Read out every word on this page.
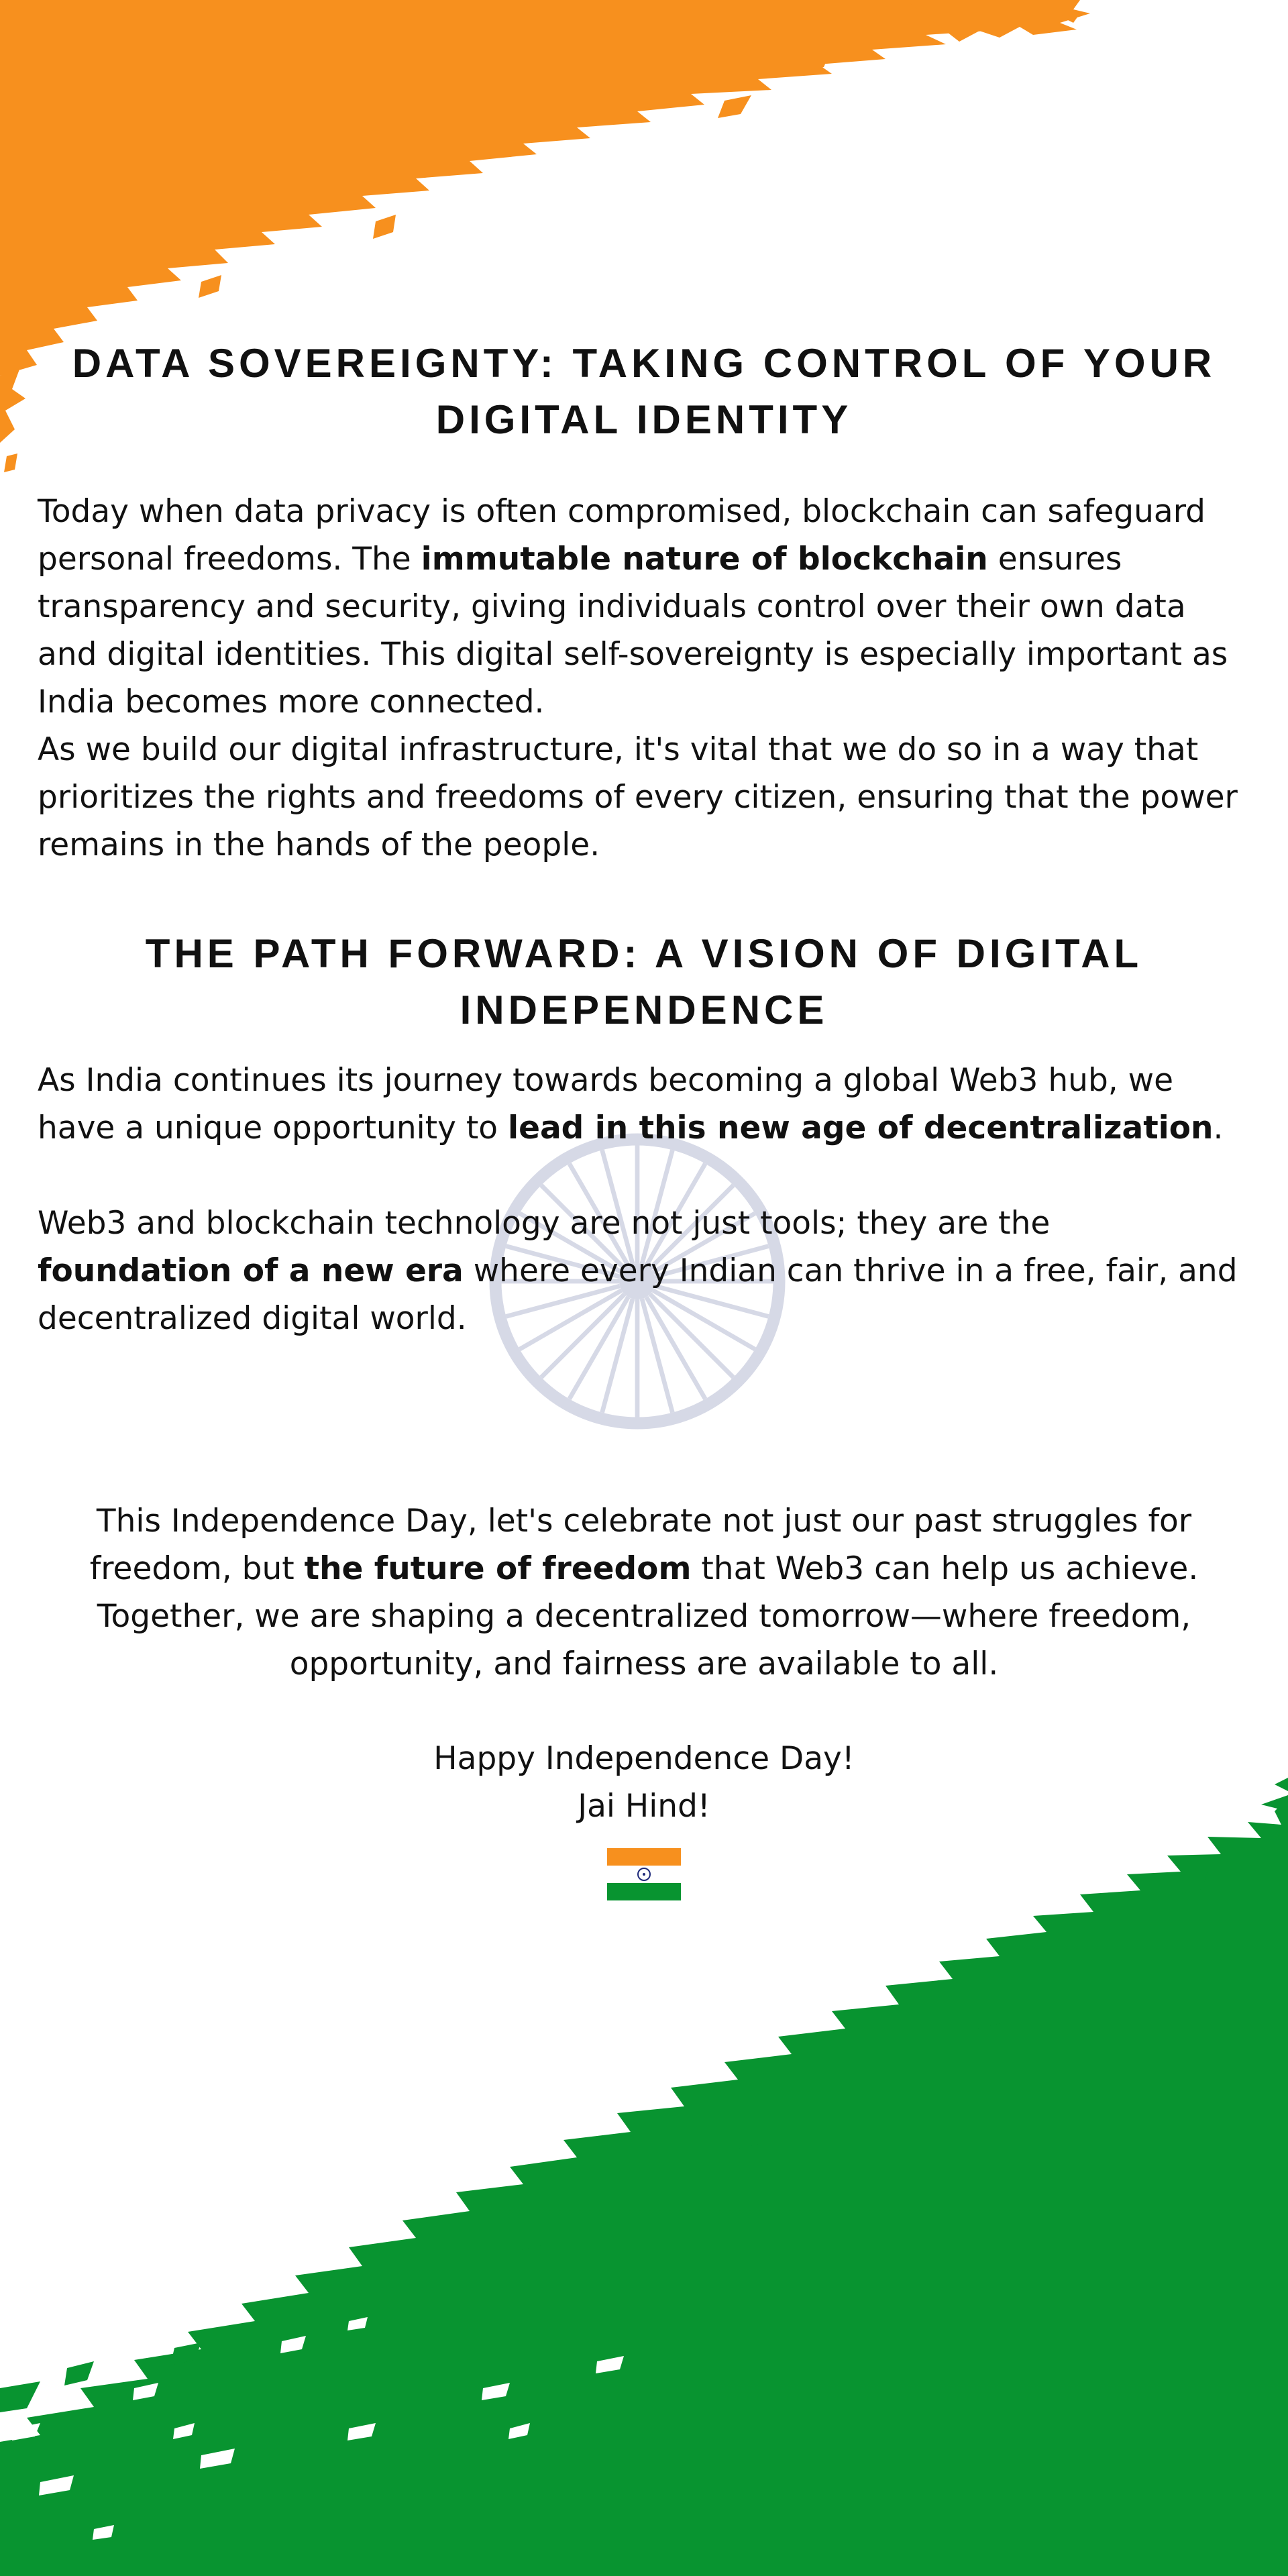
DATA SOVEREIGNTY: TAKING CONTROL OF YOUR DIGITAL IDENTITY

Today when data privacy is often compromised, blockchain can safeguard personal freedoms. The immutable nature of blockchain ensures transparency and security, giving individuals control over their own data and digital identities. This digital self-sovereignty is especially important as India becomes more connected.

As we build our digital infrastructure, it's vital that we do so in a way that prioritizes the rights and freedoms of every citizen, ensuring that the power remains in the hands of the people.

THE PATH FORWARD: A VISION OF DIGITAL INDEPENDENCE

As India continues its journey towards becoming a global Web3 hub, we have a unique opportunity to lead in this new age of decentralization.

Web3 and blockchain technology are not just tools; they are the foundation of a new era where every Indian can thrive in a free, fair, and decentralized digital world.

This Independence Day, let's celebrate not just our past struggles for freedom, but the future of freedom that Web3 can help us achieve. Together, we are shaping a decentralized tomorrow—where freedom, opportunity, and fairness are available to all.

Happy Independence Day!

Jai Hind!
